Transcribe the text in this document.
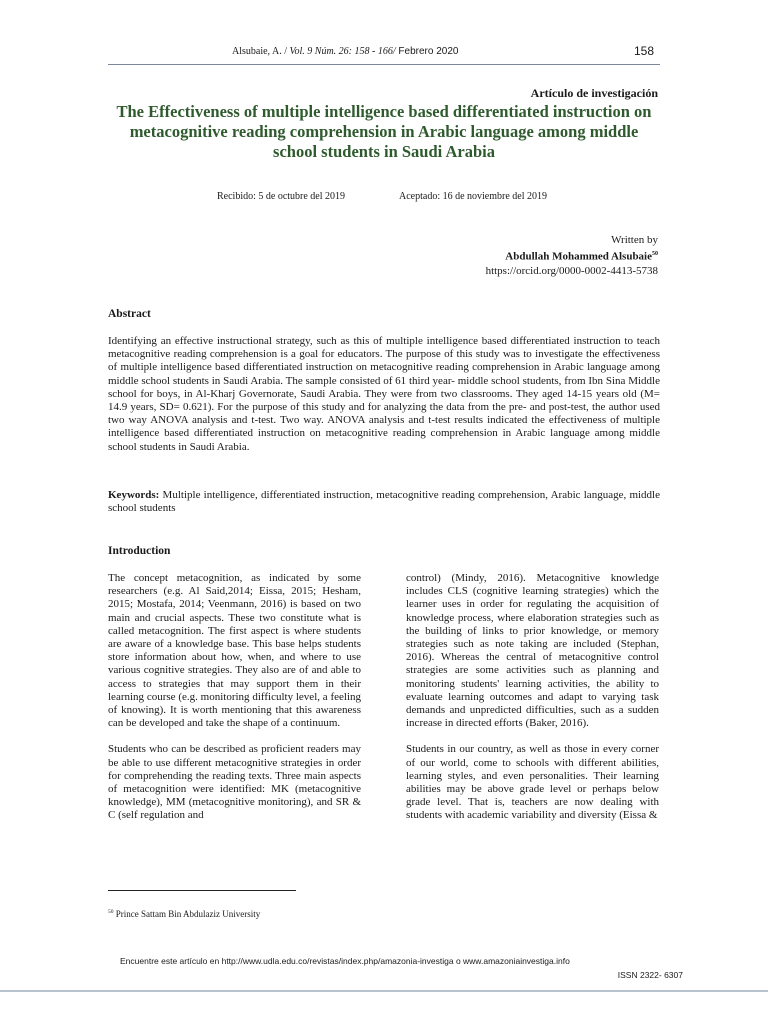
Alsubaie, A. / Vol. 9 Núm. 26: 158 - 166/ Febrero 2020	158
Artículo de investigación
The Effectiveness of multiple intelligence based differentiated instruction on metacognitive reading comprehension in Arabic language among middle school students in Saudi Arabia
Recibido: 5 de octubre del 2019	Aceptado: 16 de noviembre del 2019
Written by
Abdullah Mohammed Alsubaie$^{50}$
https://orcid.org/0000-0002-4413-5738
Abstract
Identifying an effective instructional strategy, such as this of multiple intelligence based differentiated instruction to teach metacognitive reading comprehension is a goal for educators. The purpose of this study was to investigate the effectiveness of multiple intelligence based differentiated instruction on metacognitive reading comprehension in Arabic language among middle school students in Saudi Arabia. The sample consisted of 61 third year- middle school students, from Ibn Sina Middle school for boys, in Al-Kharj Governorate, Saudi Arabia. They were from two classrooms. They aged 14-15 years old (M= 14.9 years, SD= 0.621). For the purpose of this study and for analyzing the data from the pre- and post-test, the author used two way ANOVA analysis and t-test. Two way. ANOVA analysis and t-test results indicated the effectiveness of multiple intelligence based differentiated instruction on metacognitive reading comprehension in Arabic language among middle school students in Saudi Arabia.
Keywords: Multiple intelligence, differentiated instruction, metacognitive reading comprehension, Arabic language, middle school students
Introduction

The concept metacognition, as indicated by some researchers (e.g. Al Said,2014; Eissa, 2015; Hesham, 2015; Mostafa, 2014; Veenmann, 2016) is based on two main and crucial aspects. These two constitute what is called metacognition. The first aspect is where students are aware of a knowledge base. This base helps students store information about how, when, and where to use various cognitive strategies. They also are of and able to access to strategies that may support them in their learning course (e.g. monitoring difficulty level, a feeling of knowing). It is worth mentioning that this awareness can be developed and take the shape of a continuum.

Students who can be described as proficient readers may be able to use different metacognitive strategies in order for comprehending the reading texts. Three main aspects of metacognition were identified: MK (metacognitive knowledge), MM (metacognitive monitoring), and SR & C (self regulation and

control) (Mindy, 2016). Metacognitive knowledge includes CLS (cognitive learning strategies) which the learner uses in order for regulating the acquisition of knowledge process, where elaboration strategies such as the building of links to prior knowledge, or memory strategies such as note taking are included (Stephan, 2016). Whereas the central of metacognitive control strategies are some activities such as planning and monitoring students' learning activities, the ability to evaluate learning outcomes and adapt to varying task demands and unpredicted difficulties, such as a sudden increase in directed efforts (Baker, 2016).

Students in our country, as well as those in every corner of our world, come to schools with different abilities, learning styles, and even personalities. Their learning abilities may be above grade level or perhaps below grade level. That is, teachers are now dealing with students with academic variability and diversity (Eissa &

$^{50}$ Prince Sattam Bin Abdulaziz University
Encuentre este artículo en http://www.udla.edu.co/revistas/index.php/amazonia-investiga o www.amazoniainvestiga.info
ISSN 2322- 6307
